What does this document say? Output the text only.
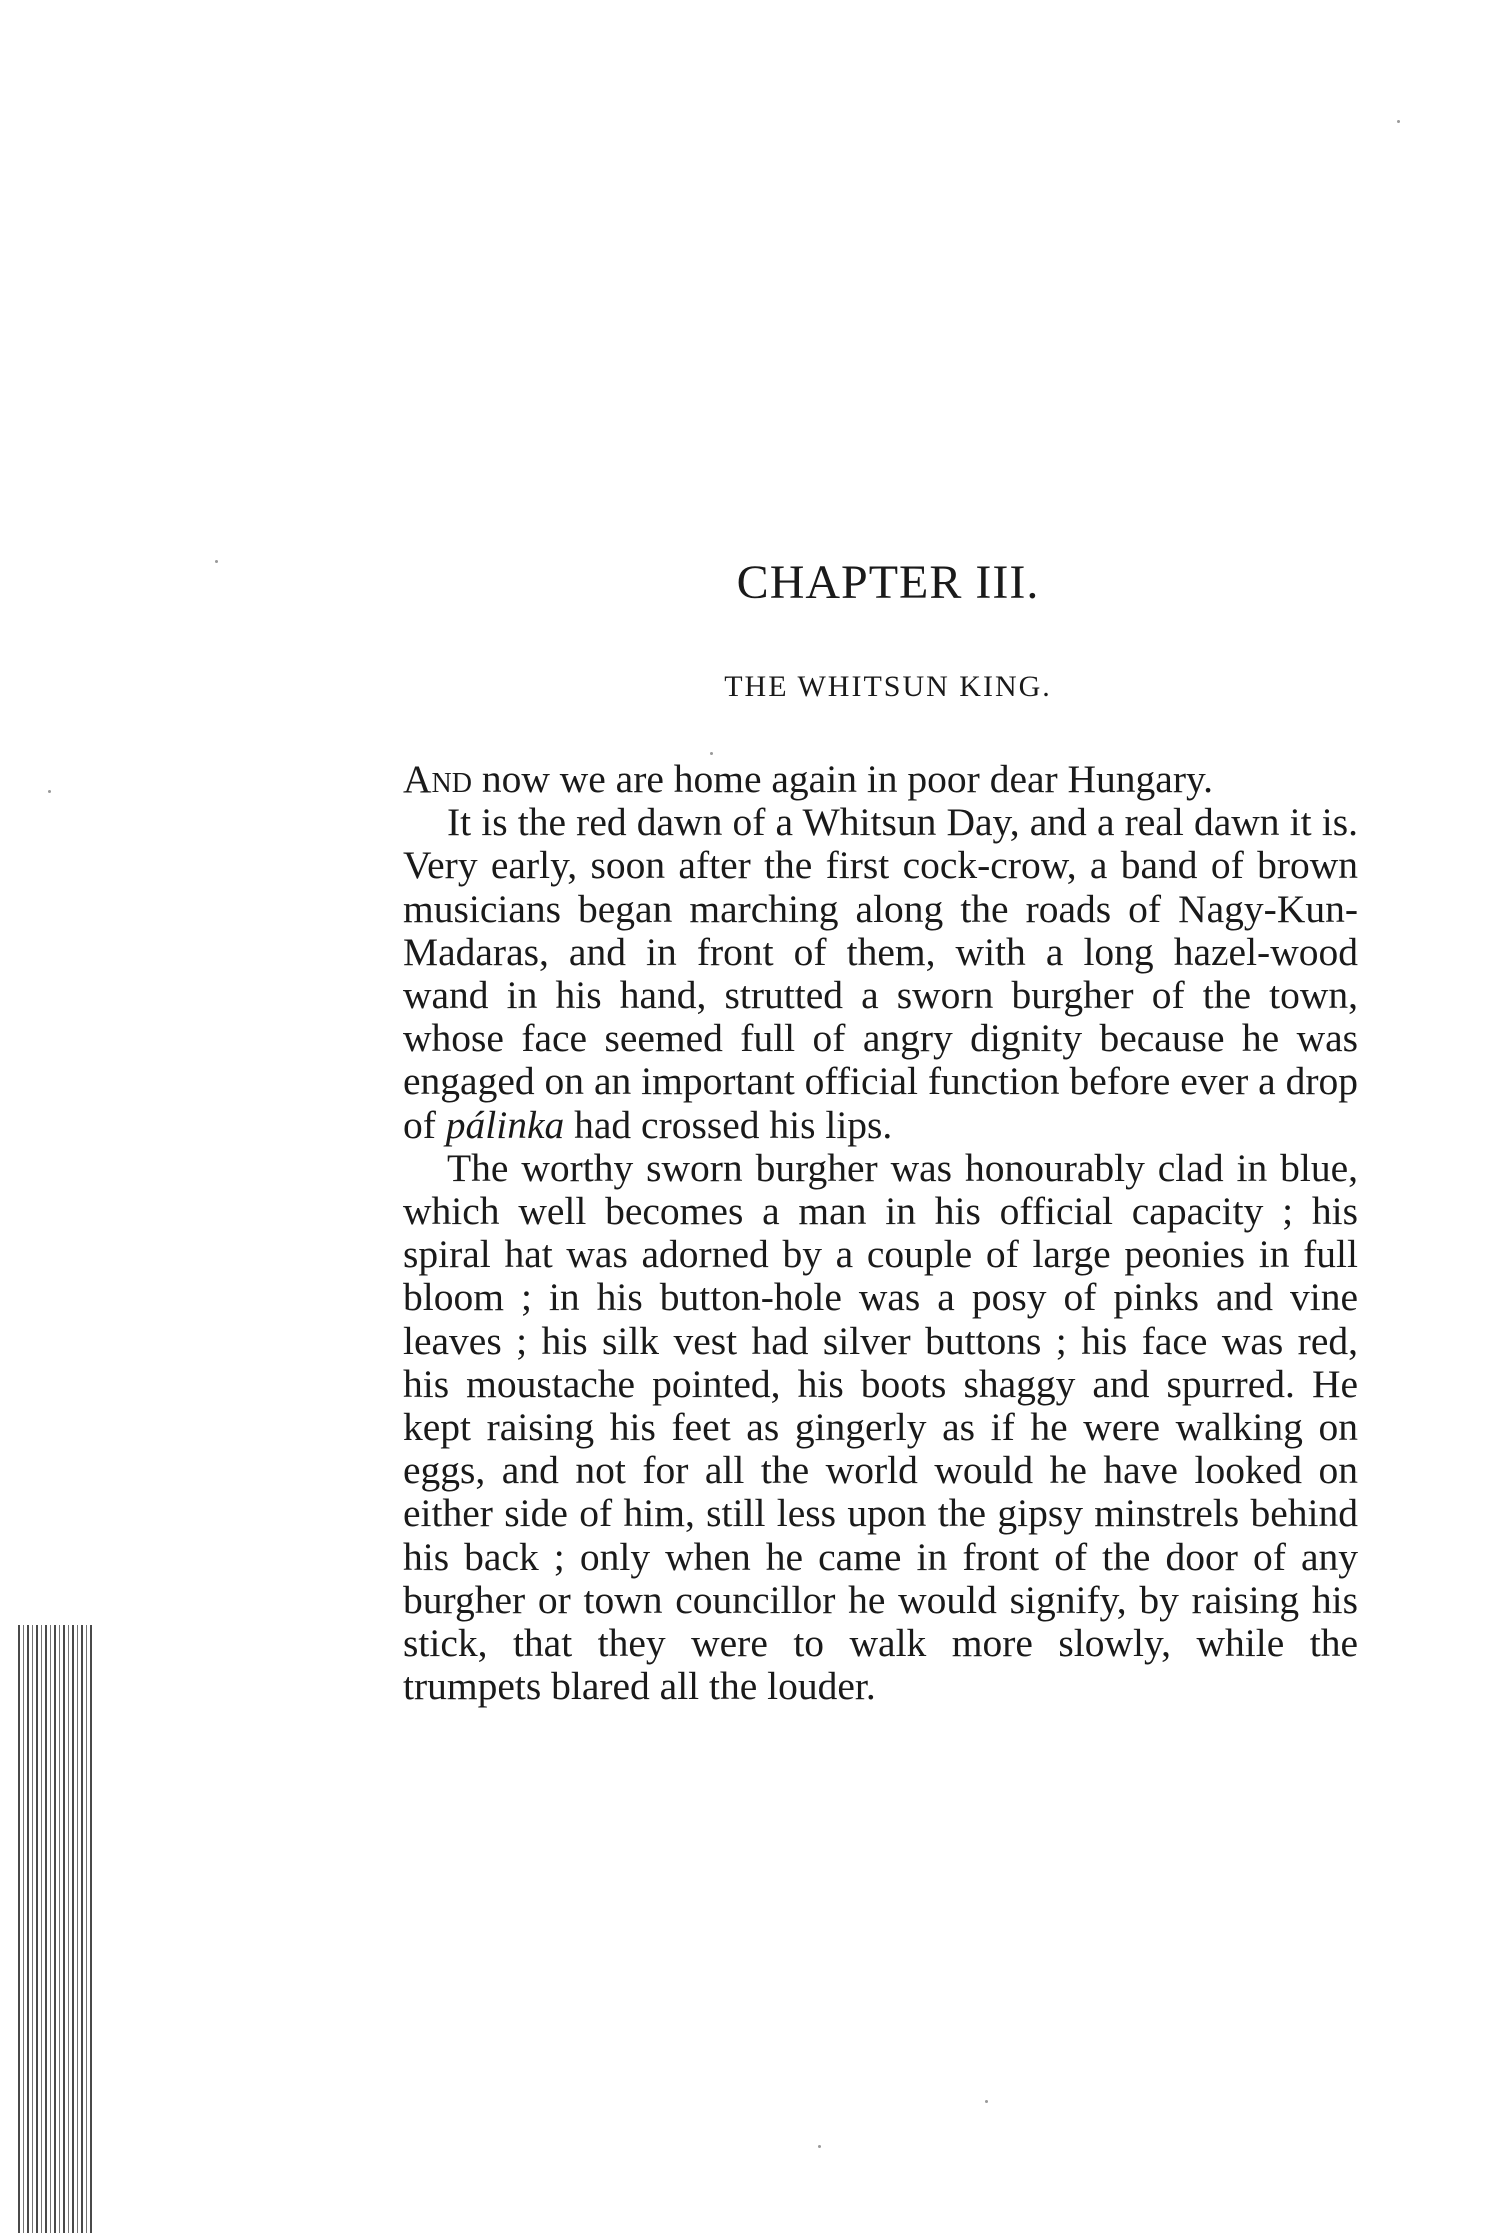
CHAPTER III.
THE WHITSUN KING.

And now we are home again in poor dear Hungary.

It is the red dawn of a Whitsun Day, and a real dawn it is. Very early, soon after the first cock-crow, a band of brown musicians began marching along the roads of Nagy-Kun-Madaras, and in front of them, with a long hazel-wood wand in his hand, strutted a sworn burgher of the town, whose face seemed full of angry dignity because he was engaged on an important official function before ever a drop of pálinka had crossed his lips.

The worthy sworn burgher was honourably clad in blue, which well becomes a man in his official capacity ; his spiral hat was adorned by a couple of large peonies in full bloom ; in his button-hole was a posy of pinks and vine leaves ; his silk vest had silver buttons ; his face was red, his moustache pointed, his boots shaggy and spurred. He kept raising his feet as gingerly as if he were walking on eggs, and not for all the world would he have looked on either side of him, still less upon the gipsy minstrels behind his back ; only when he came in front of the door of any burgher or town councillor he would signify, by raising his stick, that they were to walk more slowly, while the trumpets blared all the louder.
